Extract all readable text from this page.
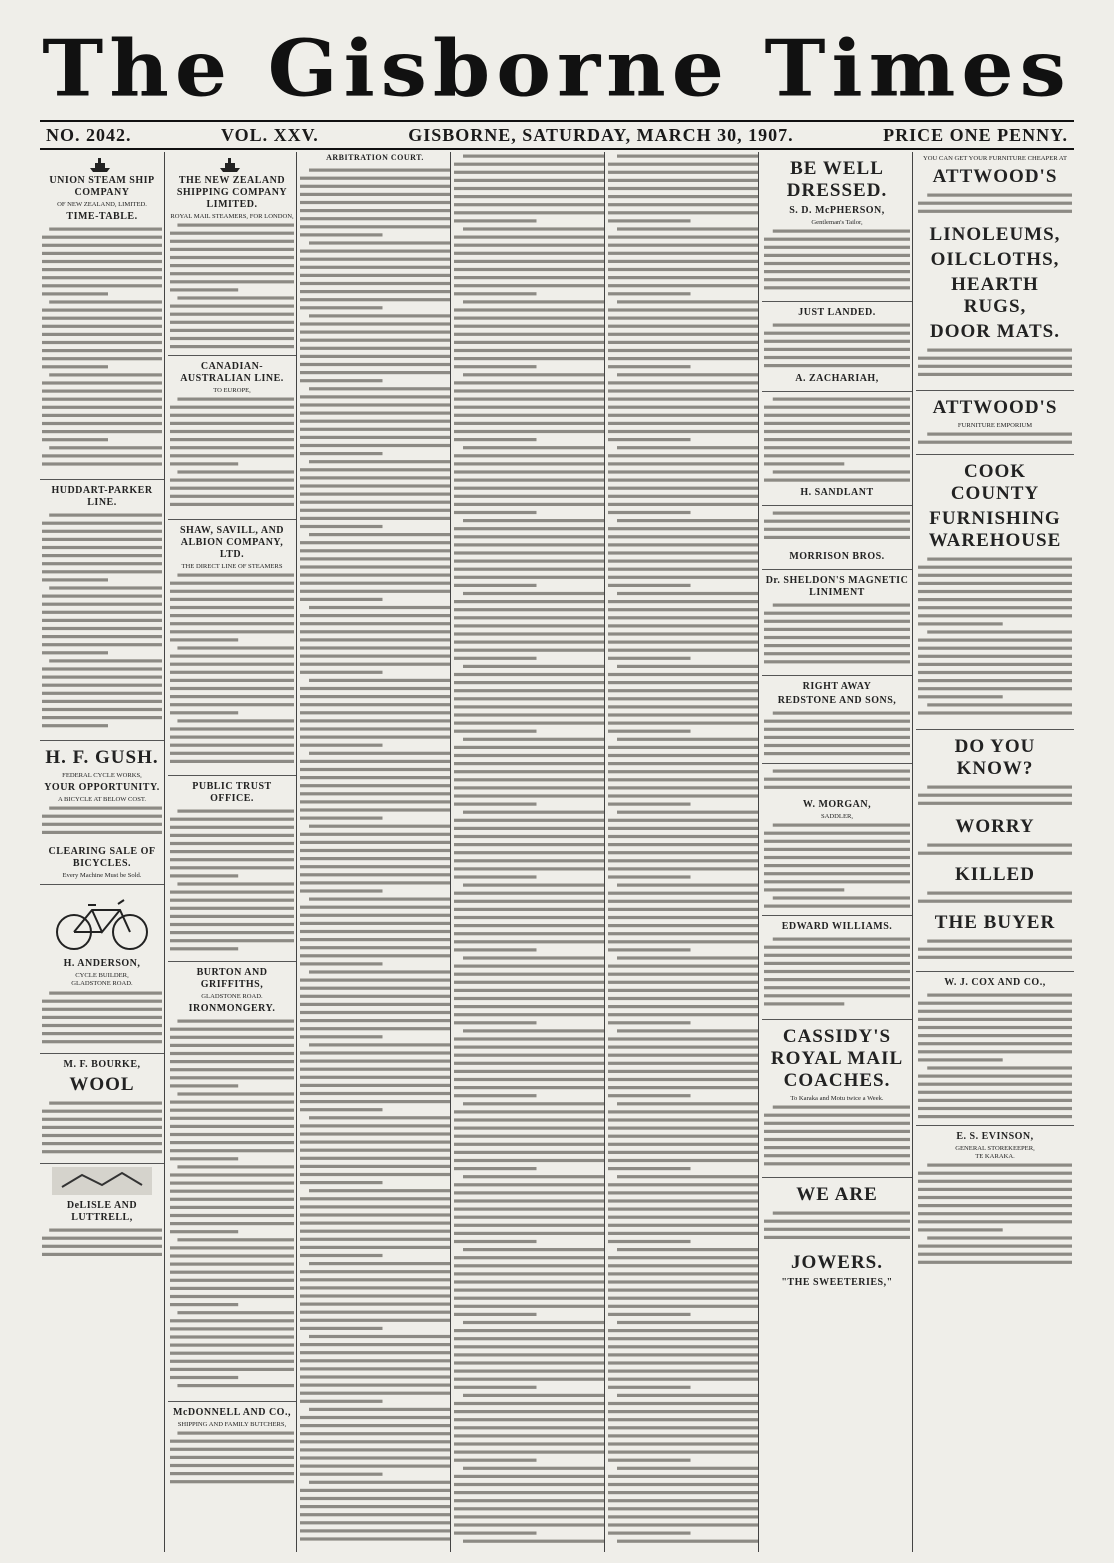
The Gisborne Times
NO. 2042.	VOL. XXV.	GISBORNE, SATURDAY, MARCH 30, 1907.	PRICE ONE PENNY.
UNION STEAM SHIP COMPANY
OF NEW ZEALAND, LIMITED.
TIME-TABLE.
HUDDART-PARKER LINE.
H. F. GUSH.
FEDERAL CYCLE WORKS,
YOUR OPPORTUNITY.
A BICYCLE AT BELOW COST.
CLEARING SALE OF BICYCLES.
Every Machine Must be Sold.
H. ANDERSON,
CYCLE BUILDER,
GLADSTONE ROAD.
M. F. BOURKE,
WOOL
DeLISLE AND LUTTRELL,
THE NEW ZEALAND SHIPPING COMPANY LIMITED.
ROYAL MAIL STEAMERS, FOR LONDON,
CANADIAN-AUSTRALIAN LINE.
TO EUROPE,
SHAW, SAVILL, AND ALBION COMPANY, LTD.
THE DIRECT LINE OF STEAMERS
PUBLIC TRUST OFFICE.
BURTON AND GRIFFITHS,
GLADSTONE ROAD.
IRONMONGERY.
McDONNELL AND CO.,
SHIPPING AND FAMILY BUTCHERS,
ARBITRATION COURT.
BE WELL DRESSED.
S. D. McPHERSON,
Gentleman's Tailor,
JUST LANDED.
A. ZACHARIAH,
H. SANDLANT
MORRISON BROS.
Dr. SHELDON'S MAGNETIC LINIMENT
RIGHT AWAY
REDSTONE AND SONS,
W. MORGAN,
SADDLER,
EDWARD WILLIAMS.
CASSIDY'S ROYAL MAIL COACHES.
To Karaka and Motu twice a Week.
WE ARE
JOWERS.
"THE SWEETERIES,"
YOU CAN GET YOUR FURNITURE CHEAPER AT
ATTWOOD'S
LINOLEUMS,
OILCLOTHS,
HEARTH RUGS,
DOOR MATS.
ATTWOOD'S
FURNITURE EMPORIUM
COOK COUNTY
FURNISHING WAREHOUSE
DO YOU KNOW?
WORRY
KILLED
THE BUYER
W. J. COX AND CO.,
E. S. EVINSON,
GENERAL STOREKEEPER,
TE KARAKA.
